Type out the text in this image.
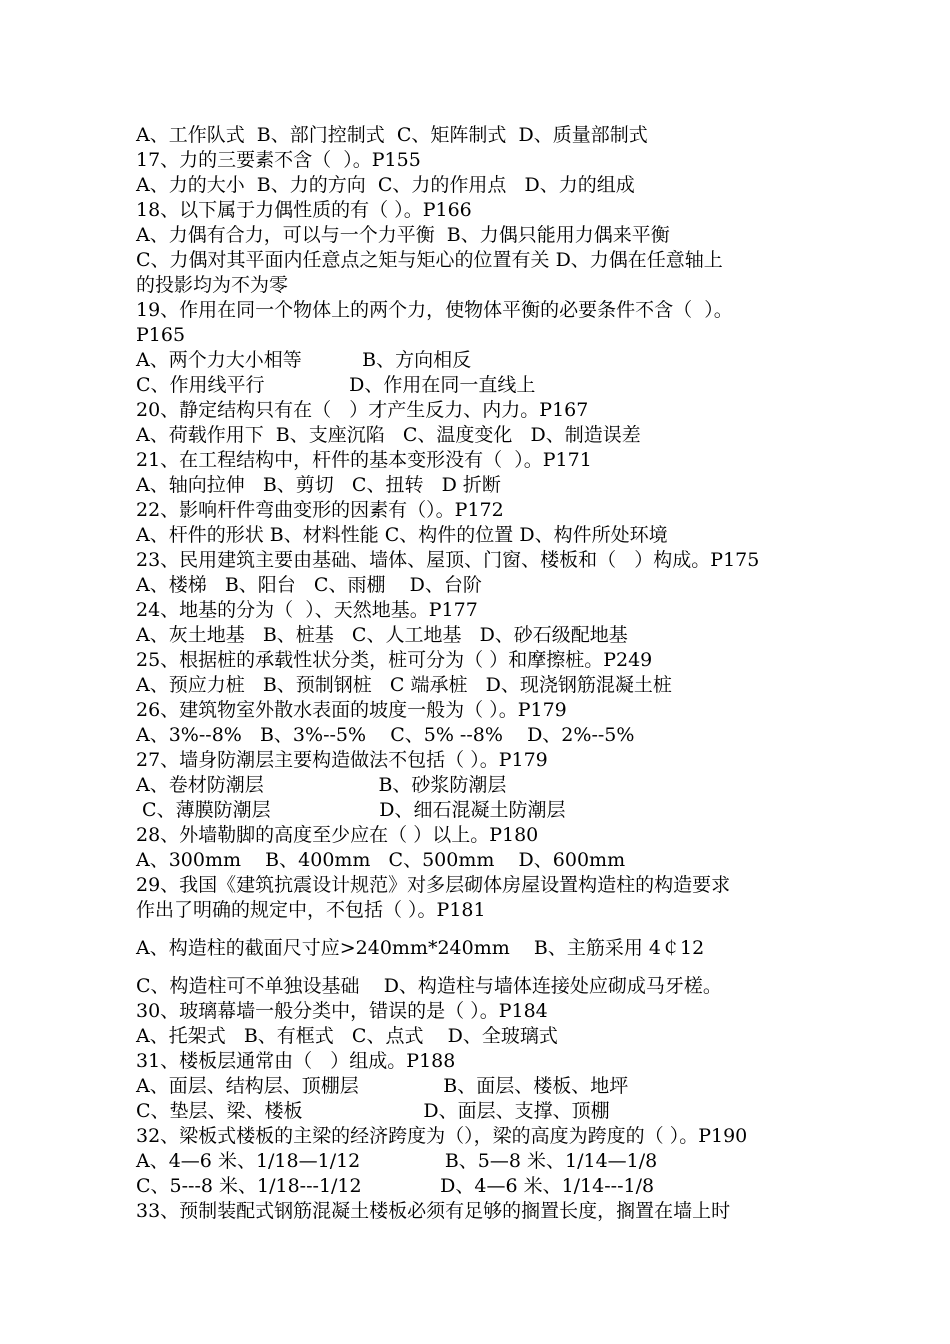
A、工作队式  B、部门控制式  C、矩阵制式  D、质量部制式
17、力的三要素不含（  ）。P155
A、力的大小  B、力的方向  C、力的作用点   D、力的组成
18、以下属于力偶性质的有（ ）。P166
A、力偶有合力，可以与一个力平衡  B、力偶只能用力偶来平衡
C、力偶对其平面内任意点之矩与矩心的位置有关 D、力偶在任意轴上
的投影均为不为零
19、作用在同一个物体上的两个力，使物体平衡的必要条件不含（  ）。
P165
A、两个力大小相等          B、方向相反
C、作用线平行              D、作用在同一直线上
20、静定结构只有在（   ）才产生反力、内力。P167
A、荷载作用下  B、支座沉陷   C、温度变化   D、制造误差
21、在工程结构中，杆件的基本变形没有（  ）。P171
A、轴向拉伸   B、剪切   C、扭转   D 折断
22、影响杆件弯曲变形的因素有（）。P172
A、杆件的形状 B、材料性能 C、构件的位置 D、构件所处环境
23、民用建筑主要由基础、墙体、屋顶、门窗、楼板和（   ）构成。P175
A、楼梯   B、阳台   C、雨棚    D、台阶
24、地基的分为（  ）、天然地基。P177
A、灰土地基   B、桩基   C、人工地基   D、砂石级配地基
25、根据桩的承载性状分类，桩可分为（ ）和摩擦桩。P249
A、预应力桩   B、预制钢桩   C 端承桩   D、现浇钢筋混凝土桩
26、建筑物室外散水表面的坡度一般为（ ）。P179
A、3%--8%   B、3%--5%    C、5% --8%    D、2%--5%
27、墙身防潮层主要构造做法不包括（ ）。P179
A、卷材防潮层                   B、砂浆防潮层
C、薄膜防潮层                  D、细石混凝土防潮层
28、外墙勒脚的高度至少应在（ ）以上。P180
A、300mm    B、400mm   C、500mm    D、600mm
29、我国《建筑抗震设计规范》对多层砌体房屋设置构造柱的构造要求
作出了明确的规定中，不包括（ ）。P181
A、构造柱的截面尺寸应>240mm*240mm    B、主筋采用 4￠12
C、构造柱可不单独设基础    D、构造柱与墙体连接处应砌成马牙槎。
30、玻璃幕墙一般分类中，错误的是（ ）。P184
A、托架式   B、有框式   C、点式    D、全玻璃式
31、楼板层通常由（   ）组成。P188
A、面层、结构层、顶棚层              B、面层、楼板、地坪
C、垫层、梁、楼板                    D、面层、支撑、顶棚
32、梁板式楼板的主梁的经济跨度为（），梁的高度为跨度的（ ）。P190
A、4—6 米、1/18—1/12              B、5—8 米、1/14—1/8
C、5---8 米、1/18---1/12             D、4—6 米、1/14---1/8
33、预制装配式钢筋混凝土楼板必须有足够的搁置长度，搁置在墙上时
